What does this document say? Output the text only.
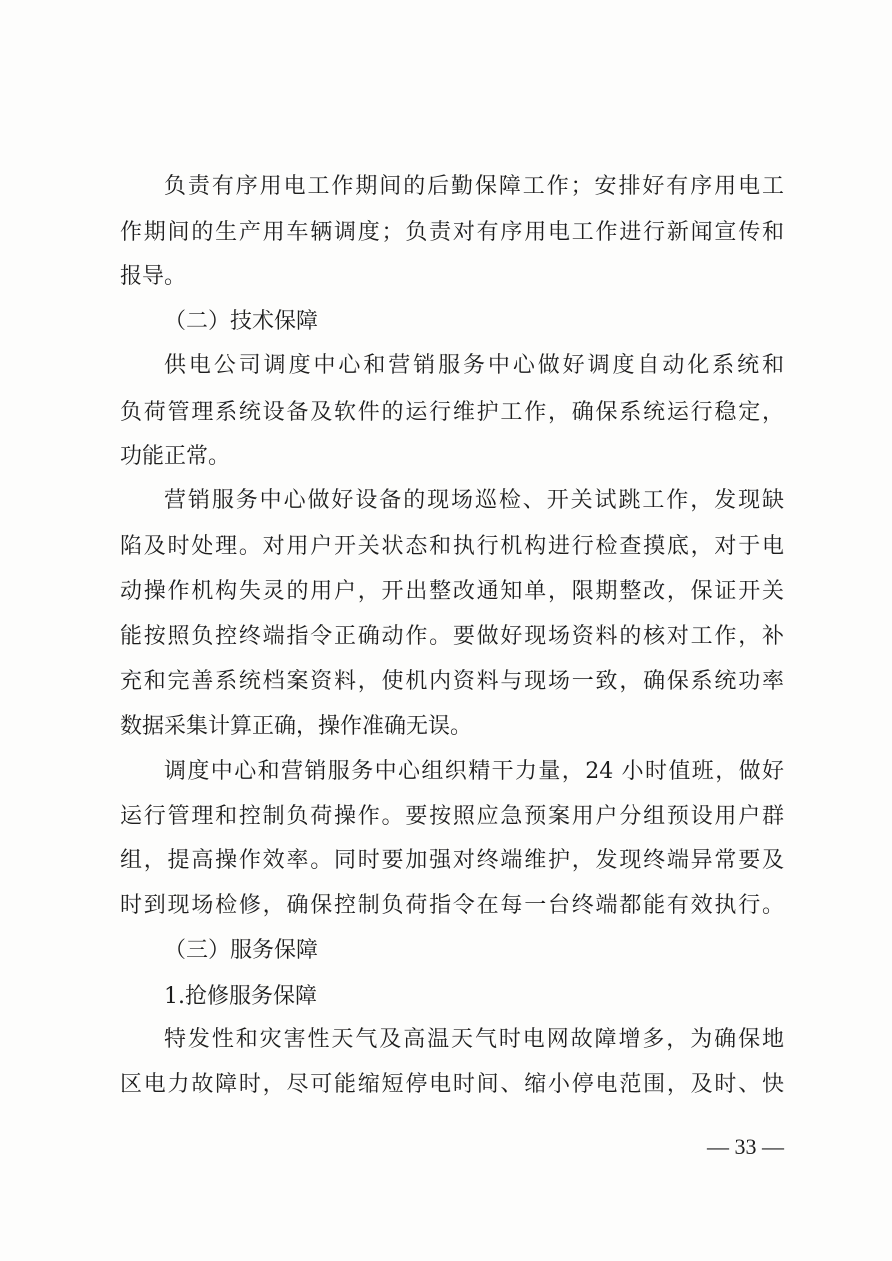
负责有序用电工作期间的后勤保障工作；安排好有序用电工
作期间的生产用车辆调度；负责对有序用电工作进行新闻宣传和
报导。
（二）技术保障
供电公司调度中心和营销服务中心做好调度自动化系统和
负荷管理系统设备及软件的运行维护工作，确保系统运行稳定，
功能正常。
营销服务中心做好设备的现场巡检、开关试跳工作，发现缺
陷及时处理。对用户开关状态和执行机构进行检查摸底，对于电
动操作机构失灵的用户，开出整改通知单，限期整改，保证开关
能按照负控终端指令正确动作。要做好现场资料的核对工作，补
充和完善系统档案资料，使机内资料与现场一致，确保系统功率
数据采集计算正确，操作准确无误。
调度中心和营销服务中心组织精干力量，24 小时值班，做好
运行管理和控制负荷操作。要按照应急预案用户分组预设用户群
组，提高操作效率。同时要加强对终端维护，发现终端异常要及
时到现场检修，确保控制负荷指令在每一台终端都能有效执行。
（三）服务保障
1.抢修服务保障
特发性和灾害性天气及高温天气时电网故障增多，为确保地
区电力故障时，尽可能缩短停电时间、缩小停电范围，及时、快
— 33 —
